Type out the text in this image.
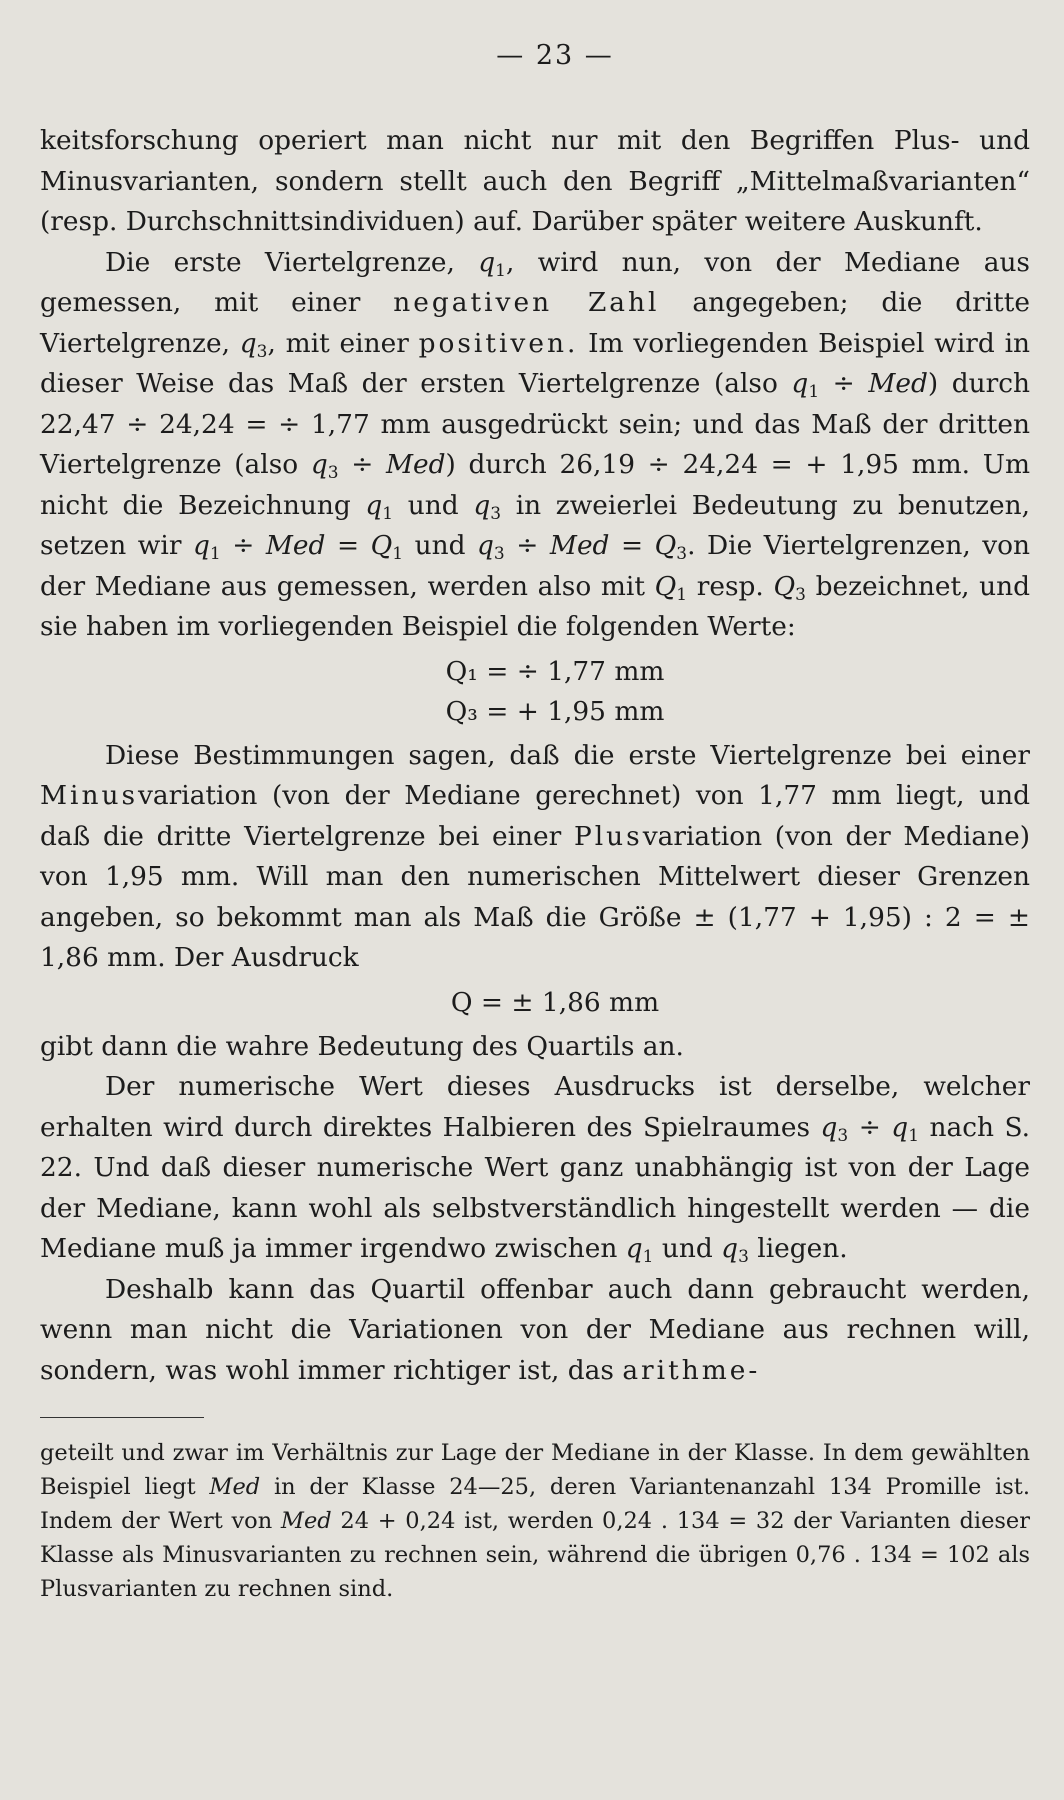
— 23 —

keitsforschung operiert man nicht nur mit den Begriffen Plus- und Minusvarianten, sondern stellt auch den Begriff „Mittelmaßvarianten“ (resp. Durchschnittsindividuen) auf. Darüber später weitere Auskunft.

Die erste Viertelgrenze, $q_1$, wird nun, von der Mediane aus gemessen, mit einer negativen Zahl angegeben; die dritte Viertelgrenze, $q_3$, mit einer positiven. Im vorliegenden Beispiel wird in dieser Weise das Maß der ersten Viertelgrenze (also $q_1 \div Med$) durch 22,47 ÷ 24,24 = ÷ 1,77 mm ausgedrückt sein; und das Maß der dritten Viertelgrenze (also $q_3 \div Med$) durch 26,19 ÷ 24,24 = + 1,95 mm. Um nicht die Bezeichnung $q_1$ und $q_3$ in zweierlei Bedeutung zu benutzen, setzen wir $q_1$ ÷ Med = $Q_1$ und $q_3$ ÷ Med = $Q_3$. Die Viertelgrenzen, von der Mediane aus gemessen, werden also mit $Q_1$ resp. $Q_3$ bezeichnet, und sie haben im vorliegenden Beispiel die folgenden Werte:

Q₁ = ÷ 1,77 mm
Q₃ = + 1,95 mm

Diese Bestimmungen sagen, daß die erste Viertelgrenze bei einer Minusvariation (von der Mediane gerechnet) von 1,77 mm liegt, und daß die dritte Viertelgrenze bei einer Plusvariation (von der Mediane) von 1,95 mm. Will man den numerischen Mittelwert dieser Grenzen angeben, so bekommt man als Maß die Größe ± (1,77 + 1,95) : 2 = ± 1,86 mm. Der Ausdruck

Q = ± 1,86 mm

gibt dann die wahre Bedeutung des Quartils an.

Der numerische Wert dieses Ausdrucks ist derselbe, welcher erhalten wird durch direktes Halbieren des Spielraumes $q_3 \div q_1$ nach S. 22. Und daß dieser numerische Wert ganz unabhängig ist von der Lage der Mediane, kann wohl als selbstverständlich hingestellt werden — die Mediane muß ja immer irgendwo zwischen $q_1$ und $q_3$ liegen.

Deshalb kann das Quartil offenbar auch dann gebraucht werden, wenn man nicht die Variationen von der Mediane aus rechnen will, sondern, was wohl immer richtiger ist, das arithme-

geteilt und zwar im Verhältnis zur Lage der Mediane in der Klasse. In dem gewählten Beispiel liegt Med in der Klasse 24—25, deren Variantenanzahl 134 Promille ist. Indem der Wert von Med 24 + 0,24 ist, werden 0,24 . 134 = 32 der Varianten dieser Klasse als Minusvarianten zu rechnen sein, während die übrigen 0,76 . 134 = 102 als Plusvarianten zu rechnen sind.
